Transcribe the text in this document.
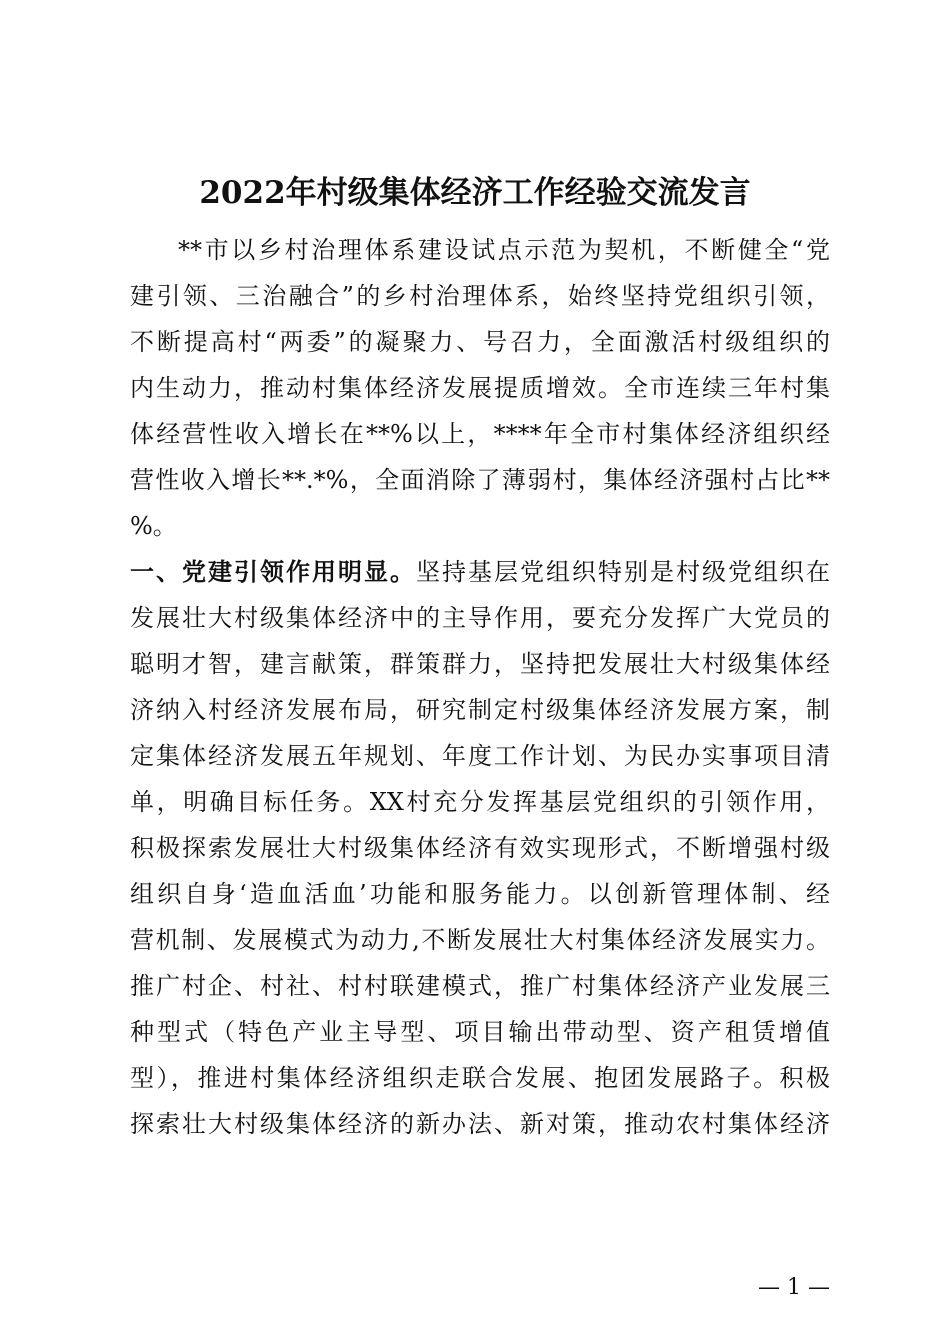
2022年村级集体经济工作经验交流发言
**市以乡村治理体系建设试点示范为契机，不断健全“党
建引领、三治融合”的乡村治理体系，始终坚持党组织引领，
不断提高村“两委”的凝聚力、号召力，全面激活村级组织的
内生动力，推动村集体经济发展提质增效。全市连续三年村集
体经营性收入增长在**%以上，****年全市村集体经济组织经
营性收入增长**.*%，全面消除了薄弱村，集体经济强村占比**
%。
一、党建引领作用明显。坚持基层党组织特别是村级党组织在
发展壮大村级集体经济中的主导作用，要充分发挥广大党员的
聪明才智，建言献策，群策群力，坚持把发展壮大村级集体经
济纳入村经济发展布局，研究制定村级集体经济发展方案，制
定集体经济发展五年规划、年度工作计划、为民办实事项目清
单，明确目标任务。XX村充分发挥基层党组织的引领作用，
积极探索发展壮大村级集体经济有效实现形式，不断增强村级
组织自身‘造血活血’功能和服务能力。以创新管理体制、经
营机制、发展模式为动力,不断发展壮大村集体经济发展实力。
推广村企、村社、村村联建模式，推广村集体经济产业发展三
种型式（特色产业主导型、项目输出带动型、资产租赁增值
型），推进村集体经济组织走联合发展、抱团发展路子。积极
探索壮大村级集体经济的新办法、新对策，推动农村集体经济
— 1 —
